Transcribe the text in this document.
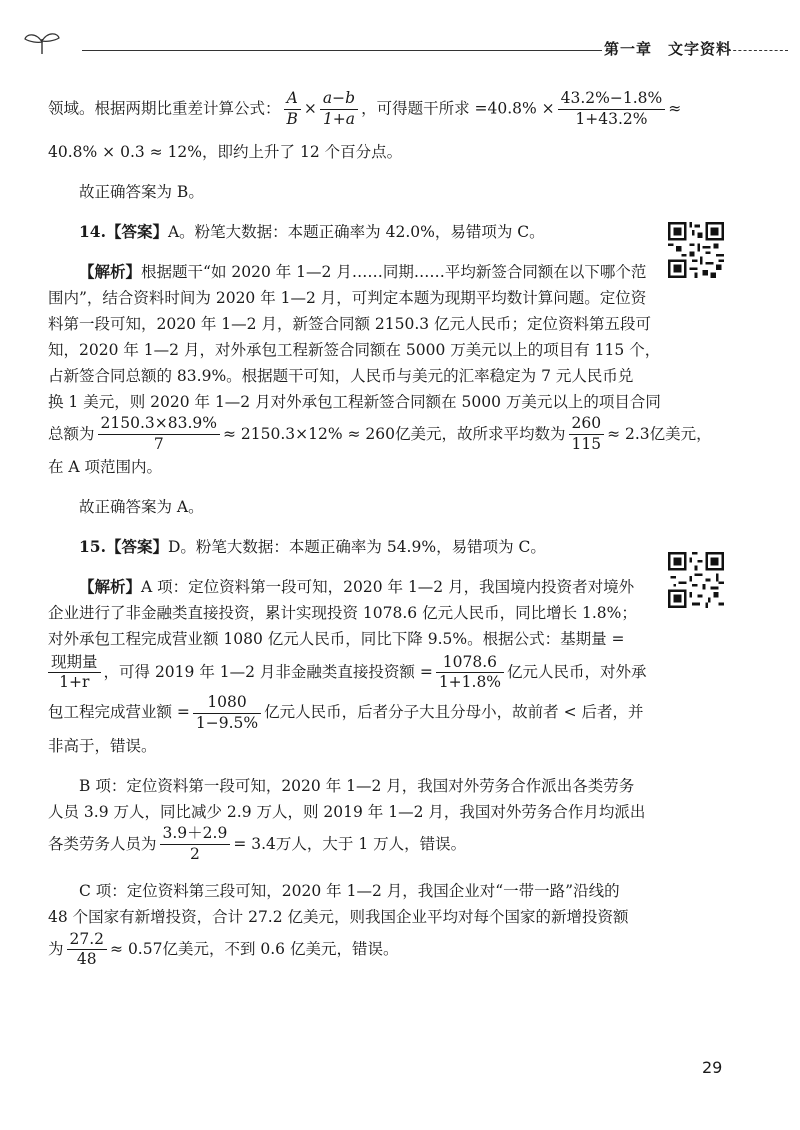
第一章　文字资料
领域。根据两期比重差计算公式： $\frac{A}{B} \times \frac{a-b}{1+a}$ ，可得题干所求 $=40.8\% \times \frac{43.2\%-1.8\%}{1+43.2\%}$ ≈
40.8% × 0.3 ≈ 12%，即约上升了 12 个百分点。
故正确答案为 B。
14.【答案】A。粉笔大数据：本题正确率为 42.0%，易错项为 C。
【解析】根据题干“如 2020 年 1—2 月……同期……平均新签合同额在以下哪个范
围内”，结合资料时间为 2020 年 1—2 月，可判定本题为现期平均数计算问题。定位资
料第一段可知，2020 年 1—2 月，新签合同额 2150.3 亿元人民币；定位资料第五段可
知，2020 年 1—2 月，对外承包工程新签合同额在 5000 万美元以上的项目有 115 个，
占新签合同总额的 83.9%。根据题干可知，人民币与美元的汇率稳定为 7 元人民币兑
换 1 美元，则 2020 年 1—2 月对外承包工程新签合同额在 5000 万美元以上的项目合同
总额为 $\frac{2150.3\times 83.9\%}{7} \approx 2150.3\times 12\% \approx 260$亿美元，故所求平均数为 $\frac{260}{115} \approx 2.3$亿美元，
在 A 项范围内。
故正确答案为 A。
15.【答案】D。粉笔大数据：本题正确率为 54.9%，易错项为 C。
【解析】A 项：定位资料第一段可知，2020 年 1—2 月，我国境内投资者对境外
企业进行了非金融类直接投资，累计实现投资 1078.6 亿元人民币，同比增长 1.8%；
对外承包工程完成营业额 1080 亿元人民币，同比下降 9.5%。根据公式：基期量 =
$\frac{\text{现期量}}{1+r}$ ，可得 2019 年 1—2 月非金融类直接投资额 = $\frac{1078.6}{1+1.8\%}$ 亿元人民币，对外承
包工程完成营业额 = $\frac{1080}{1-9.5\%}$ 亿元人民币，后者分子大且分母小，故前者 < 后者，并
非高于，错误。
B 项：定位资料第一段可知，2020 年 1—2 月，我国对外劳务合作派出各类劳务
人员 3.9 万人，同比减少 2.9 万人，则 2019 年 1—2 月，我国对外劳务合作月均派出
各类劳务人员为 $\frac{3.9+2.9}{2} = 3.4$万人，大于 1 万人，错误。
C 项：定位资料第三段可知，2020 年 1—2 月，我国企业对“一带一路”沿线的
48 个国家有新增投资，合计 27.2 亿美元，则我国企业平均对每个国家的新增投资额
为 $\frac{27.2}{48} \approx 0.57$亿美元，不到 0.6 亿美元，错误。
29
